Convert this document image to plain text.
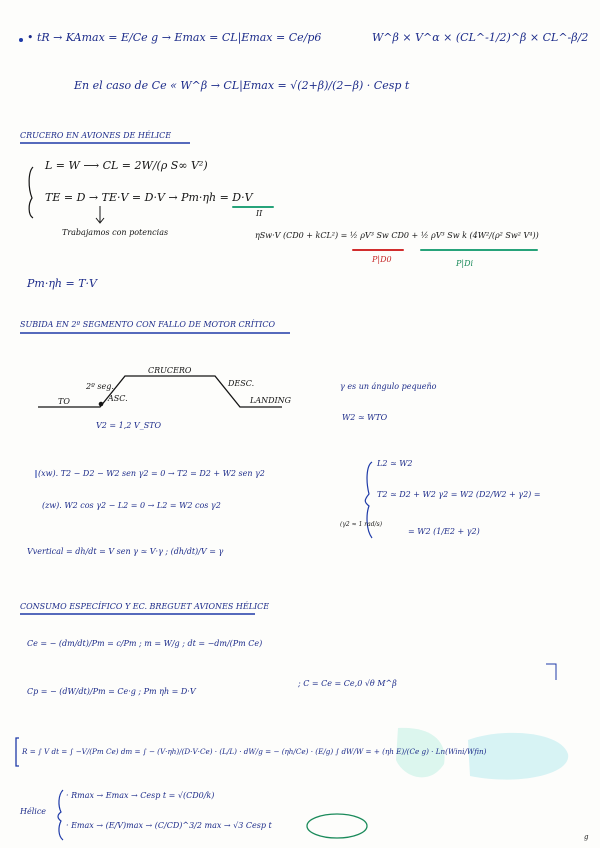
• tR → KAmax = E/Ce g → Emax = CL|Emax = Ce/p6	W^β × V^α × (CL^-1/2)^β × CL^-β/2
En el caso de Ce « W^β → CL|Emax = √(2+β)/(2−β) · Cesp t
CRUCERO EN AVIONES DE HÉLICE
L = W ⟶ CL = 2W/(ρ S∞ V²)
TE = D → TE·V = D·V → Pm·ηh = D·V
II
Trabajamos con potencias	ηSw·V (CD0 + kCL²) = ½ ρV³ Sw CD0 + ½ ρV³ Sw k (4W²/(ρ² Sw² V⁴))
P|D0	P|Di
Pm·ηh = T·V
SUBIDA EN 2º SEGMENTO CON FALLO DE MOTOR CRÍTICO
CRUCERO
2º seg.
ASC.
DESC.
TO	LANDING
V2 = 1,2 V_STO
γ es un ángulo pequeño
W2 ≃ WTO
(xw). T2 − D2 − W2 sen γ2 = 0 → T2 = D2 + W2 sen γ2
(zw). W2 cos γ2 − L2 = 0 → L2 = W2 cos γ2
L2 ≃ W2
T2 ≃ D2 + W2 γ2 = W2 (D2/W2 + γ2) =
= W2 (1/E2 + γ2)
(γ2 ≈ 1 rad/s)
Vvertical = dh/dt = V sen γ ≃ V·γ ; (dh/dt)/V = γ
CONSUMO ESPECÍFICO Y EC. BREGUET AVIONES HÉLICE
Ce = − (dm/dt)/Pm = c/Pm ; m = W/g ; dt = −dm/(Pm Ce)
Cp = − (dW/dt)/Pm = Ce·g ; Pm ηh = D·V
; C = Ce = Ce,0 √θ M^β
R = ∫ V dt = ∫ −V/(Pm Ce) dm = ∫ − (V·ηh)/(D·V·Ce) · (L/L) · dW/g = − (ηh/Ce) · (E/g) ∫ dW/W = + (ηh E)/(Ce g) · Ln(Wini/Wfin)
Hélice
· Rmax → Emax → Cesp t = √(CD0/k)
· Emax → (E/V)max → (C/CD)^3/2 max → √3 Cesp t
g
